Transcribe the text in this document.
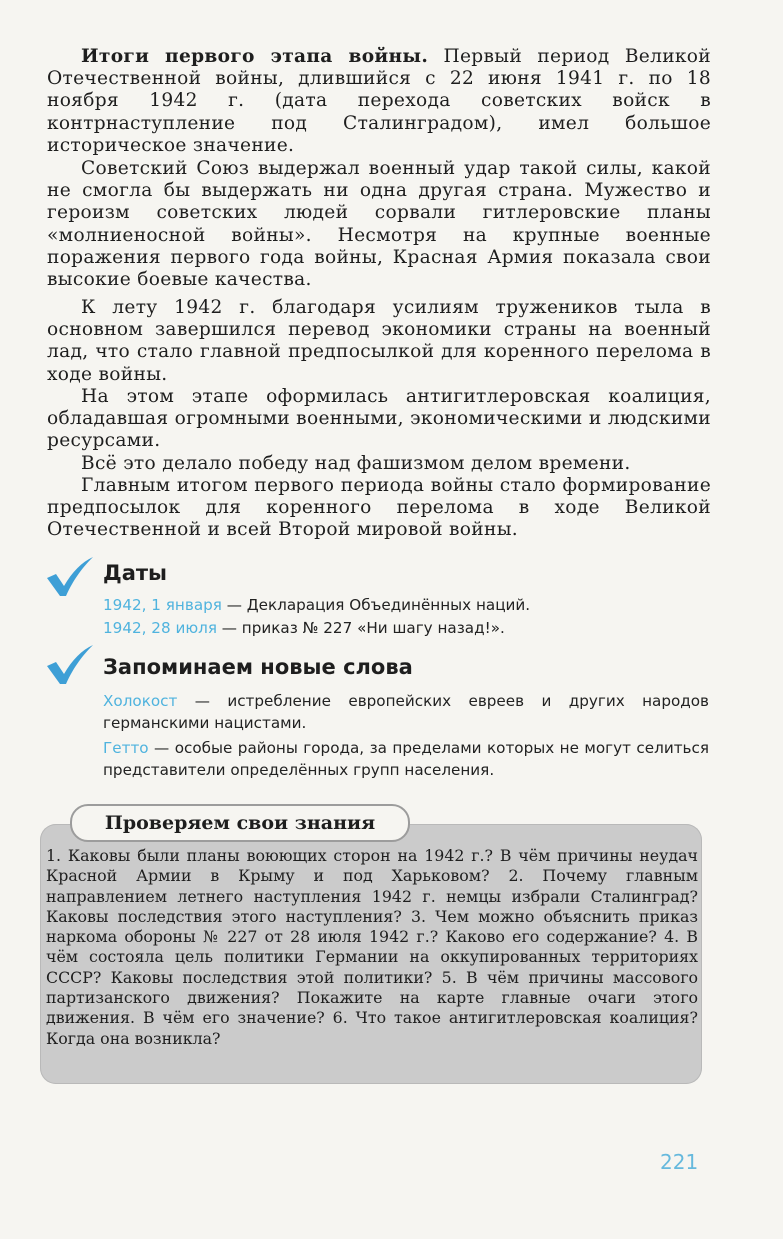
Итоги первого этапа войны. Первый период Великой Отечественной войны, длившийся с 22 июня 1941 г. по 18 ноября 1942 г. (дата перехода советских войск в контрнаступление под Сталинградом), имел большое историческое значение.

Советский Союз выдержал военный удар такой силы, какой не смогла бы выдержать ни одна другая страна. Мужество и героизм советских людей сорвали гитлеровские планы «молниеносной войны». Несмотря на крупные военные поражения первого года войны, Красная Армия показала свои высокие боевые качества.

К лету 1942 г. благодаря усилиям тружеников тыла в основном завершился перевод экономики страны на военный лад, что стало главной предпосылкой для коренного перелома в ходе войны.

На этом этапе оформилась антигитлеровская коалиция, обладавшая огромными военными, экономическими и людскими ресурсами.

Всё это делало победу над фашизмом делом времени.

Главным итогом первого периода войны стало формирование предпосылок для коренного перелома в ходе Великой Отечественной и всей Второй мировой войны.

Даты

1942, 1 января — Декларация Объединённых наций.

1942, 28 июля — приказ № 227 «Ни шагу назад!».

Запоминаем новые слова

Холокост — истребление европейских евреев и других народов германскими нацистами.

Гетто — особые районы города, за пределами которых не могут селиться представители определённых групп населения.

Проверяем свои знания

1. Каковы были планы воюющих сторон на 1942 г.? В чём причины неудач Красной Армии в Крыму и под Харьковом? 2. Почему главным направлением летнего наступления 1942 г. немцы избрали Сталинград? Каковы последствия этого наступления? 3. Чем можно объяснить приказ наркома обороны № 227 от 28 июля 1942 г.? Каково его содержание? 4. В чём состояла цель политики Германии на оккупированных территориях СССР? Каковы последствия этой политики? 5. В чём причины массового партизанского движения? Покажите на карте главные очаги этого движения. В чём его значение? 6. Что такое антигитлеровская коалиция? Когда она возникла?

221
